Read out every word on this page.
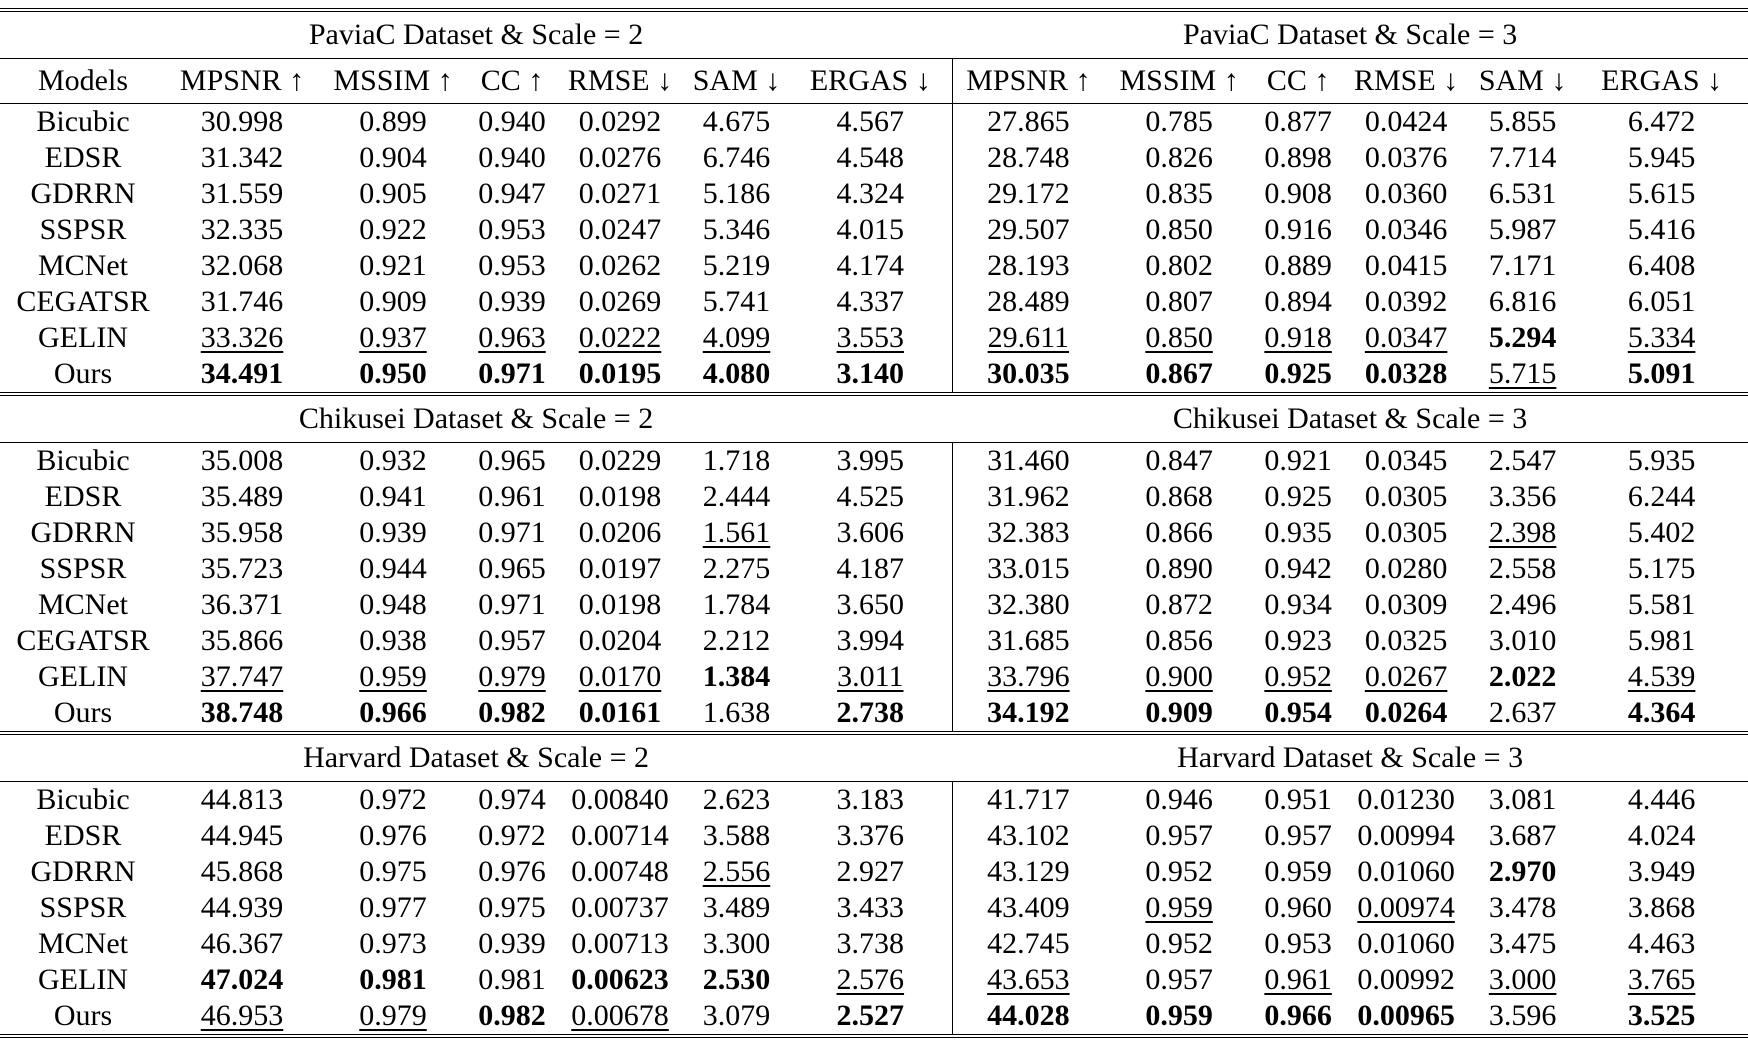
PaviaC Dataset & Scale = 2							PaviaC Dataset & Scale = 3					
Models	MPSNR ↑	MSSIM ↑	CC ↑	RMSE ↓	SAM ↓	ERGAS ↓	MPSNR ↑	MSSIM ↑	CC ↑	RMSE ↓	SAM ↓	ERGAS ↓
Bicubic	30.998	0.899	0.940	0.0292	4.675	4.567	27.865	0.785	0.877	0.0424	5.855	6.472
EDSR	31.342	0.904	0.940	0.0276	6.746	4.548	28.748	0.826	0.898	0.0376	7.714	5.945
GDRRN	31.559	0.905	0.947	0.0271	5.186	4.324	29.172	0.835	0.908	0.0360	6.531	5.615
SSPSR	32.335	0.922	0.953	0.0247	5.346	4.015	29.507	0.850	0.916	0.0346	5.987	5.416
MCNet	32.068	0.921	0.953	0.0262	5.219	4.174	28.193	0.802	0.889	0.0415	7.171	6.408
CEGATSR	31.746	0.909	0.939	0.0269	5.741	4.337	28.489	0.807	0.894	0.0392	6.816	6.051
GELIN	33.326	0.937	0.963	0.0222	4.099	3.553	29.611	0.850	0.918	0.0347	5.294	5.334
Ours	34.491	0.950	0.971	0.0195	4.080	3.140	30.035	0.867	0.925	0.0328	5.715	5.091
Chikusei Dataset & Scale = 2							Chikusei Dataset & Scale = 3					
Bicubic	35.008	0.932	0.965	0.0229	1.718	3.995	31.460	0.847	0.921	0.0345	2.547	5.935
EDSR	35.489	0.941	0.961	0.0198	2.444	4.525	31.962	0.868	0.925	0.0305	3.356	6.244
GDRRN	35.958	0.939	0.971	0.0206	1.561	3.606	32.383	0.866	0.935	0.0305	2.398	5.402
SSPSR	35.723	0.944	0.965	0.0197	2.275	4.187	33.015	0.890	0.942	0.0280	2.558	5.175
MCNet	36.371	0.948	0.971	0.0198	1.784	3.650	32.380	0.872	0.934	0.0309	2.496	5.581
CEGATSR	35.866	0.938	0.957	0.0204	2.212	3.994	31.685	0.856	0.923	0.0325	3.010	5.981
GELIN	37.747	0.959	0.979	0.0170	1.384	3.011	33.796	0.900	0.952	0.0267	2.022	4.539
Ours	38.748	0.966	0.982	0.0161	1.638	2.738	34.192	0.909	0.954	0.0264	2.637	4.364
Harvard Dataset & Scale = 2							Harvard Dataset & Scale = 3					
Bicubic	44.813	0.972	0.974	0.00840	2.623	3.183	41.717	0.946	0.951	0.01230	3.081	4.446
EDSR	44.945	0.976	0.972	0.00714	3.588	3.376	43.102	0.957	0.957	0.00994	3.687	4.024
GDRRN	45.868	0.975	0.976	0.00748	2.556	2.927	43.129	0.952	0.959	0.01060	2.970	3.949
SSPSR	44.939	0.977	0.975	0.00737	3.489	3.433	43.409	0.959	0.960	0.00974	3.478	3.868
MCNet	46.367	0.973	0.939	0.00713	3.300	3.738	42.745	0.952	0.953	0.01060	3.475	4.463
GELIN	47.024	0.981	0.981	0.00623	2.530	2.576	43.653	0.957	0.961	0.00992	3.000	3.765
Ours	46.953	0.979	0.982	0.00678	3.079	2.527	44.028	0.959	0.966	0.00965	3.596	3.525
